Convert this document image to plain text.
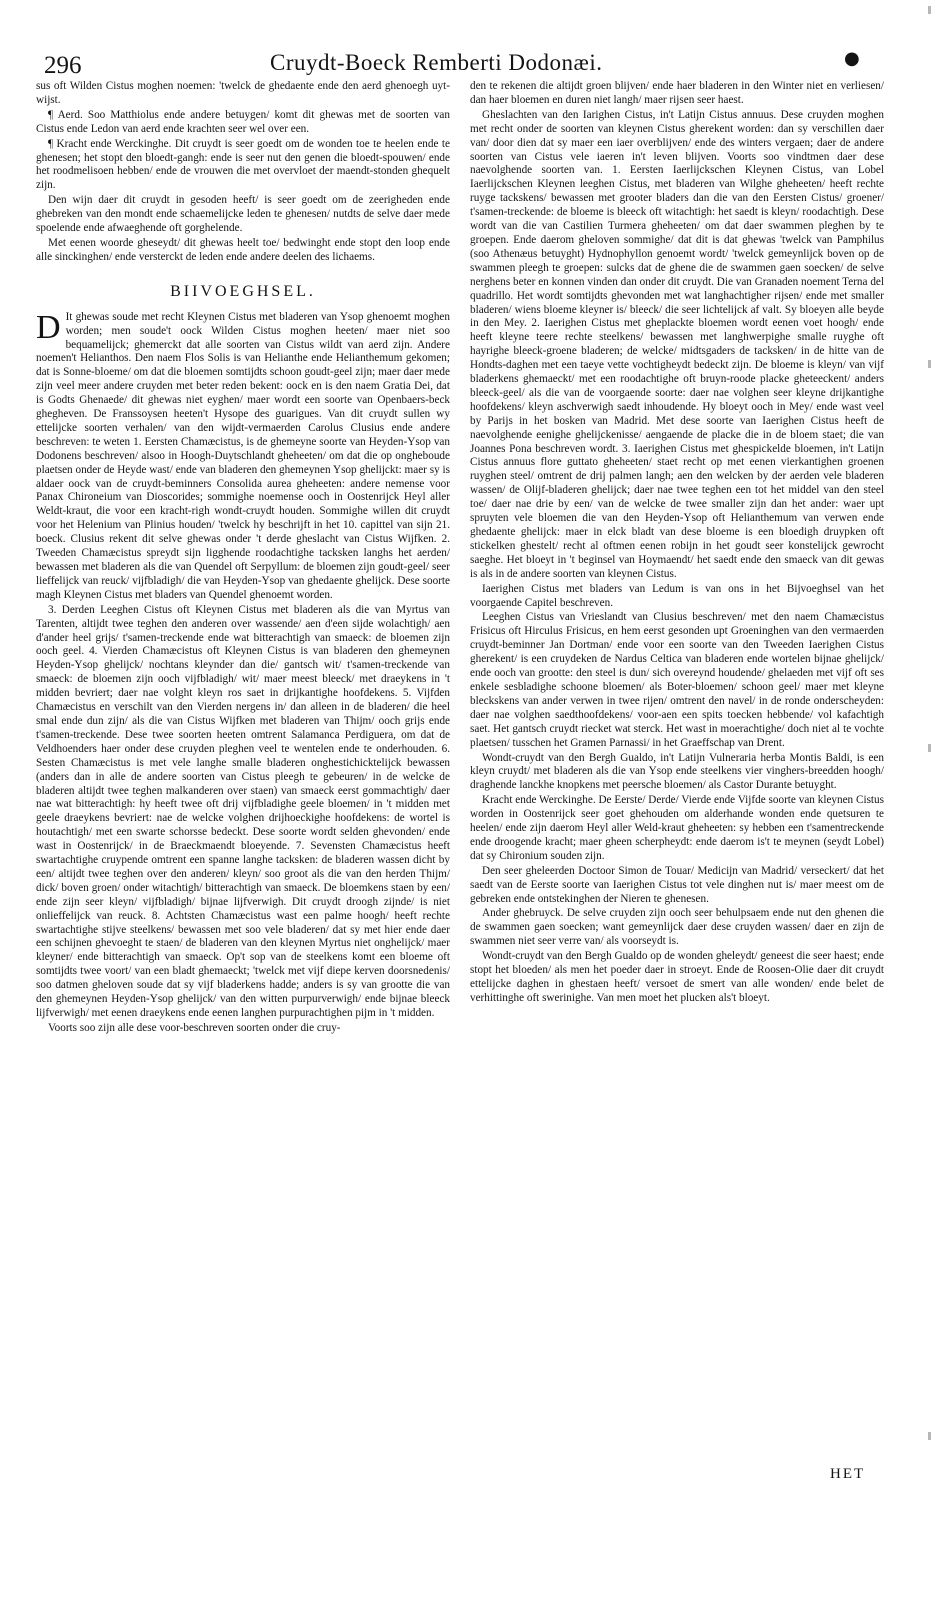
296	Cruydt-Boeck Remberti Dodonæi.	●

sus oft Wilden Cistus moghen noemen: 'twelck de ghedaente ende den aerd ghenoegh uyt-wijst.

¶ Aerd. Soo Matthiolus ende andere betuygen/ komt dit ghewas met de soorten van Cistus ende Ledon van aerd ende krachten seer wel over een.

¶ Kracht ende Werckinghe. Dit cruydt is seer goedt om de wonden toe te heelen ende te ghenesen; het stopt den bloedt-gangh: ende is seer nut den genen die bloedt-spouwen/ ende het roodmelisoen hebben/ ende de vrouwen die met overvloet der maendt-stonden ghequelt zijn.

Den wijn daer dit cruydt in gesoden heeft/ is seer goedt om de zeerigheden ende ghebreken van den mondt ende schaemelijcke leden te ghenesen/ nutdts de selve daer mede spoelende ende afwaeghende oft gorghelende.

Met eenen woorde gheseydt/ dit ghewas heelt toe/ bedwinght ende stopt den loop ende alle sinckinghen/ ende versterckt de leden ende andere deelen des lichaems.

BIIVOEGHSEL.

D It ghewas soude met recht Kleynen Cistus met bladeren van Ysop ghenoemt moghen worden; men soude't oock Wilden Cistus moghen heeten/ maer niet soo bequamelijck; ghemerckt dat alle soorten van Cistus wildt van aerd zijn. Andere noemen't Helianthos. Den naem Flos Solis is van Helianthe ende Helianthemum gekomen; dat is Sonne-bloeme/ om dat die bloemen somtijdts schoon goudt-geel zijn; maer daer mede zijn veel meer andere cruyden met beter reden bekent: oock en is den naem Gratia Dei, dat is Godts Ghenaede/ dit ghewas niet eyghen/ maer wordt een soorte van Openbaers-beck ghegheven. De Franssoysen heeten't Hysope des guarigues. Van dit cruydt sullen wy ettelijcke soorten verhalen/ van den wijdt-vermaerden Carolus Clusius ende andere beschreven: te weten 1. Eersten Chamæcistus, is de ghemeyne soorte van Heyden-Ysop van Dodonens beschreven/ alsoo in Hoogh-Duytschlandt gheheeten/ om dat die op ongheboude plaetsen onder de Heyde wast/ ende van bladeren den ghemeynen Ysop ghelijckt: maer sy is aldaer oock van de cruydt-beminners Consolida aurea gheheeten: andere nemense voor Panax Chironeium van Dioscorides; sommighe noemense ooch in Oostenrijck Heyl aller Weldt-kraut, die voor een kracht-righ wondt-cruydt houden. Sommighe willen dit cruydt voor het Helenium van Plinius houden/ 'twelck hy beschrijft in het 10. capittel van sijn 21. boeck. Clusius rekent dit selve ghewas onder 't derde gheslacht van Cistus Wijfken. 2. Tweeden Chamæcistus spreydt sijn ligghende roodachtighe tacksken langhs het aerden/ bewassen met bladeren als die van Quendel oft Serpyllum: de bloemen zijn goudt-geel/ seer lieffelijck van reuck/ vijfbladigh/ die van Heyden-Ysop van ghedaente ghelijck. Dese soorte magh Kleynen Cistus met bladers van Quendel ghenoemt worden.

3. Derden Leeghen Cistus oft Kleynen Cistus met bladeren als die van Myrtus van Tarenten, altijdt twee teghen den anderen over wassende/ aen d'een sijde wolachtigh/ aen d'ander heel grijs/ t'samen-treckende ende wat bitterachtigh van smaeck: de bloemen zijn ooch geel. 4. Vierden Chamæcistus oft Kleynen Cistus is van bladeren den ghemeynen Heyden-Ysop ghelijck/ nochtans kleynder dan die/ gantsch wit/ t'samen-treckende van smaeck: de bloemen zijn ooch vijfbladigh/ wit/ maer meest bleeck/ met draeykens in 't midden bevriert; daer nae volght kleyn ros saet in drijkantighe hoofdekens. 5. Vijfden Chamæcistus en verschilt van den Vierden nergens in/ dan alleen in de bladeren/ die heel smal ende dun zijn/ als die van Cistus Wijfken met bladeren van Thijm/ ooch grijs ende t'samen-treckende. Dese twee soorten heeten omtrent Salamanca Perdiguera, om dat de Veldhoenders haer onder dese cruyden pleghen veel te wentelen ende te onderhouden. 6. Sesten Chamæcistus is met vele langhe smalle bladeren onghestichicktelijck bewassen (anders dan in alle de andere soorten van Cistus pleegh te gebeuren/ in de welcke de bladeren altijdt twee teghen malkanderen over staen) van smaeck eerst gommachtigh/ daer nae wat bitterachtigh: hy heeft twee oft drij vijfbladighe geele bloemen/ in 't midden met geele draeykens bevriert: nae de welcke volghen drijhoeckighe hoofdekens: de wortel is houtachtigh/ met een swarte schorsse bedeckt. Dese soorte wordt selden ghevonden/ ende wast in Oostenrijck/ in de Braeckmaendt bloeyende. 7. Sevensten Chamæcistus heeft swartachtighe cruypende omtrent een spanne langhe tacksken: de bladeren wassen dicht by een/ altijdt twee teghen over den anderen/ kleyn/ soo groot als die van den herden Thijm/ dick/ boven groen/ onder witachtigh/ bitterachtigh van smaeck. De bloemkens staen by een/ ende zijn seer kleyn/ vijfbladigh/ bijnae lijfverwigh. Dit cruydt droogh zijnde/ is niet onlieffelijck van reuck. 8. Achtsten Chamæcistus wast een palme hoogh/ heeft rechte swartachtighe stijve steelkens/ bewassen met soo vele bladeren/ dat sy met hier ende daer een schijnen ghevoeght te staen/ de bladeren van den kleynen Myrtus niet onghelijck/ maer kleyner/ ende bitterachtigh van smaeck. Op't sop van de steelkens komt een bloeme oft somtijdts twee voort/ van een bladt ghemaeckt; 'twelck met vijf diepe kerven doorsnedenis/ soo datmen gheloven soude dat sy vijf bladerkens hadde; anders is sy van grootte die van den ghemeynen Heyden-Ysop ghelijck/ van den witten purpurverwigh/ ende bijnae bleeck lijfverwigh/ met eenen draeykens ende eenen langhen purpurachtighen pijm in 't midden.

Voorts soo zijn alle dese voor-beschreven soorten onder die cruy-

den te rekenen die altijdt groen blijven/ ende haer bladeren in den Winter niet en verliesen/ dan haer bloemen en duren niet langh/ maer rijsen seer haest.

Gheslachten van den Iarighen Cistus, in't Latijn Cistus annuus. Dese cruyden moghen met recht onder de soorten van kleynen Cistus gherekent worden: dan sy verschillen daer van/ door dien dat sy maer een iaer overblijven/ ende des winters vergaen; daer de andere soorten van Cistus vele iaeren in't leven blijven. Voorts soo vindtmen daer dese naevolghende soorten van. 1. Eersten Iaerlijckschen Kleynen Cistus, van Lobel Iaerlijckschen Kleynen leeghen Cistus, met bladeren van Wilghe gheheeten/ heeft rechte ruyge tackskens/ bewassen met grooter bladers dan die van den Eersten Cistus/ groener/ t'samen-treckende: de bloeme is bleeck oft witachtigh: het saedt is kleyn/ roodachtigh. Dese wordt van die van Castilien Turmera gheheeten/ om dat daer swammen pleghen by te groepen. Ende daerom gheloven sommighe/ dat dit is dat ghewas 'twelck van Pamphilus (soo Athenæus betuyght) Hydnophyllon genoemt wordt/ 'twelck gemeynlijck boven op de swammen pleegh te groepen: sulcks dat de ghene die de swammen gaen soecken/ de selve nerghens beter en konnen vinden dan onder dit cruydt. Die van Granaden noement Terna del quadrillo. Het wordt somtijdts ghevonden met wat langhachtigher rijsen/ ende met smaller bladeren/ wiens bloeme kleyner is/ bleeck/ die seer lichtelijck af valt. Sy bloeyen alle beyde in den Mey. 2. Iaerighen Cistus met gheplackte bloemen wordt eenen voet hoogh/ ende heeft kleyne teere rechte steelkens/ bewassen met langhwerpighe smalle ruyghe oft hayrighe bleeck-groene bladeren; de welcke/ midtsgaders de tacksken/ in de hitte van de Hondts-daghen met een taeye vette vochtigheydt bedeckt zijn. De bloeme is kleyn/ van vijf bladerkens ghemaeckt/ met een roodachtighe oft bruyn-roode placke gheteeckent/ anders bleeck-geel/ als die van de voorgaende soorte: daer nae volghen seer kleyne drijkantighe hoofdekens/ kleyn aschverwigh saedt inhoudende. Hy bloeyt ooch in Mey/ ende wast veel by Parijs in het bosken van Madrid. Met dese soorte van Iaerighen Cistus heeft de naevolghende eenighe ghelijckenisse/ aengaende de placke die in de bloem staet; die van Joannes Pona beschreven wordt. 3. Iaerighen Cistus met ghespickelde bloemen, in't Latijn Cistus annuus flore guttato gheheeten/ staet recht op met eenen vierkantighen groenen ruyghen steel/ omtrent de drij palmen langh; aen den welcken by der aerden vele bladeren wassen/ de Olijf-bladeren ghelijck; daer nae twee teghen een tot het middel van den steel toe/ daer nae drie by een/ van de welcke de twee smaller zijn dan het ander: waer upt spruyten vele bloemen die van den Heyden-Ysop oft Helianthemum van verwen ende ghedaente ghelijck: maer in elck bladt van dese bloeme is een bloedigh druypken oft stickelken ghestelt/ recht al oftmen eenen robijn in het goudt seer konstelijck gewrocht saeghe. Het bloeyt in 't beginsel van Hoymaendt/ het saedt ende den smaeck van dit gewas is als in de andere soorten van kleynen Cistus.

Iaerighen Cistus met bladers van Ledum is van ons in het Bijvoeghsel van het voorgaende Capitel beschreven.

Leeghen Cistus van Vrieslandt van Clusius beschreven/ met den naem Chamæcistus Frisicus oft Hirculus Frisicus, en hem eerst gesonden upt Groeninghen van den vermaerden cruydt-beminner Jan Dortman/ ende voor een soorte van den Tweeden Iaerighen Cistus gherekent/ is een cruydeken de Nardus Celtica van bladeren ende wortelen bijnae ghelijck/ ende ooch van grootte: den steel is dun/ sich overeynd houdende/ ghelaeden met vijf oft ses enkele sesbladighe schoone bloemen/ als Boter-bloemen/ schoon geel/ maer met kleyne bleckskens van ander verwen in twee rijen/ omtrent den navel/ in de ronde onderscheyden: daer nae volghen saedthoofdekens/ voor-aen een spits toecken hebbende/ vol kafachtigh saet. Het gantsch cruydt riecket wat sterck. Het wast in moerachtighe/ doch niet al te vochte plaetsen/ tusschen het Gramen Parnassi/ in het Graeffschap van Drent.

Wondt-cruydt van den Bergh Gualdo, in't Latijn Vulneraria herba Montis Baldi, is een kleyn cruydt/ met bladeren als die van Ysop ende steelkens vier vinghers-breedden hoogh/ draghende lanckhe knopkens met peersche bloemen/ als Castor Durante betuyght.

Kracht ende Werckinghe. De Eerste/ Derde/ Vierde ende Vijfde soorte van kleynen Cistus worden in Oostenrijck seer goet ghehouden om alderhande wonden ende quetsuren te heelen/ ende zijn daerom Heyl aller Weld-kraut gheheeten: sy hebben een t'samentreckende ende droogende kracht; maer gheen scherpheydt: ende daerom is't te meynen (seydt Lobel) dat sy Chironium souden zijn.

Den seer gheleerden Doctoor Simon de Touar/ Medicijn van Madrid/ verseckert/ dat het saedt van de Eerste soorte van Iaerighen Cistus tot vele dinghen nut is/ maer meest om de gebreken ende ontstekinghen der Nieren te ghenesen.

Ander ghebruyck. De selve cruyden zijn ooch seer behulpsaem ende nut den ghenen die de swammen gaen soecken; want gemeynlijck daer dese cruyden wassen/ daer en zijn de swammen niet seer verre van/ als voorseydt is.

Wondt-cruydt van den Bergh Gualdo op de wonden gheleydt/ geneest die seer haest; ende stopt het bloeden/ als men het poeder daer in stroeyt. Ende de Roosen-Olie daer dit cruydt ettelijcke daghen in ghestaen heeft/ versoet de smert van alle wonden/ ende belet de verhittinghe oft swerinighe. Van men moet het plucken als't bloeyt.

HET
